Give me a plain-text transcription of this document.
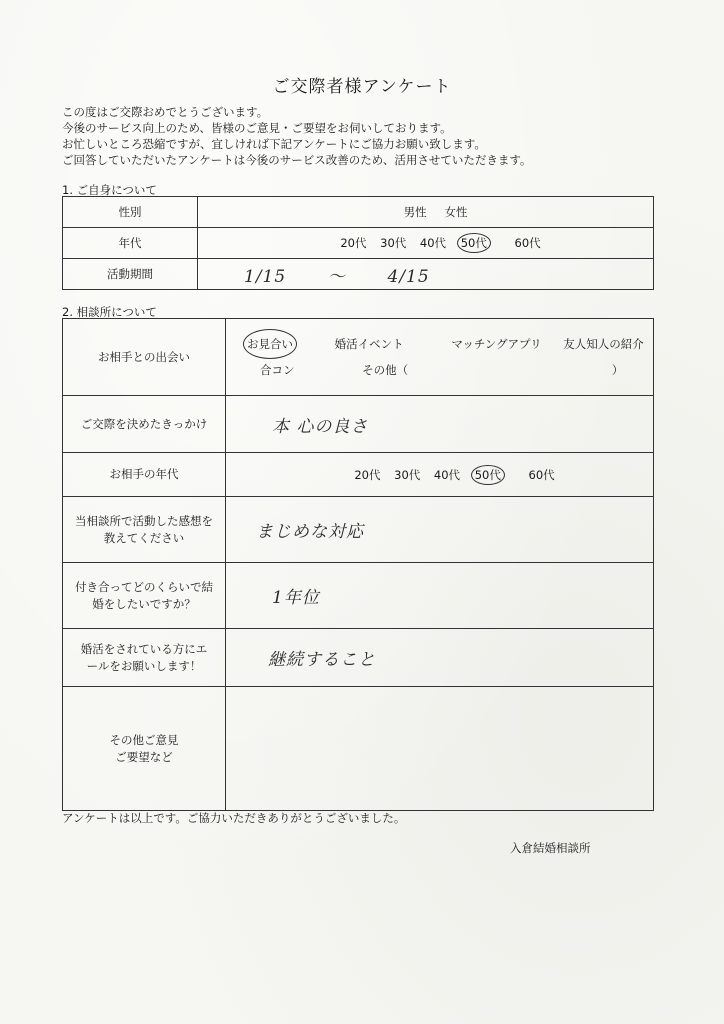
ご交際者様アンケート
この度はご交際おめでとうございます。
今後のサービス向上のため、皆様のご意見・ご要望をお伺いしております。
お忙しいところ恐縮ですが、宜しければ下記アンケートにご協力お願い致します。
ご回答していただいたアンケートは今後のサービス改善のため、活用させていただきます。
1. ご自身について
性別	男性 女性
年代	20代 30代 40代 50代 60代
活動期間	1/15 ～ 4/15
2. 相談所について
お相手との出会い	お見合い 婚活イベント マッチングアプリ 友人知人の紹介
合コン その他（ ）

ご交際を決めたきっかけ	本 心の良さ
お相手の年代	20代 30代 40代 50代 60代
当相談所で活動した感想を教えてください	まじめな対応
付き合ってどのくらいで結婚をしたいですか？	1年位
婚活をされている方にエールをお願いします！	継続すること

その他ご意見
ご要望など	

アンケートは以上です。ご協力いただきありがとうございました。
入倉結婚相談所
